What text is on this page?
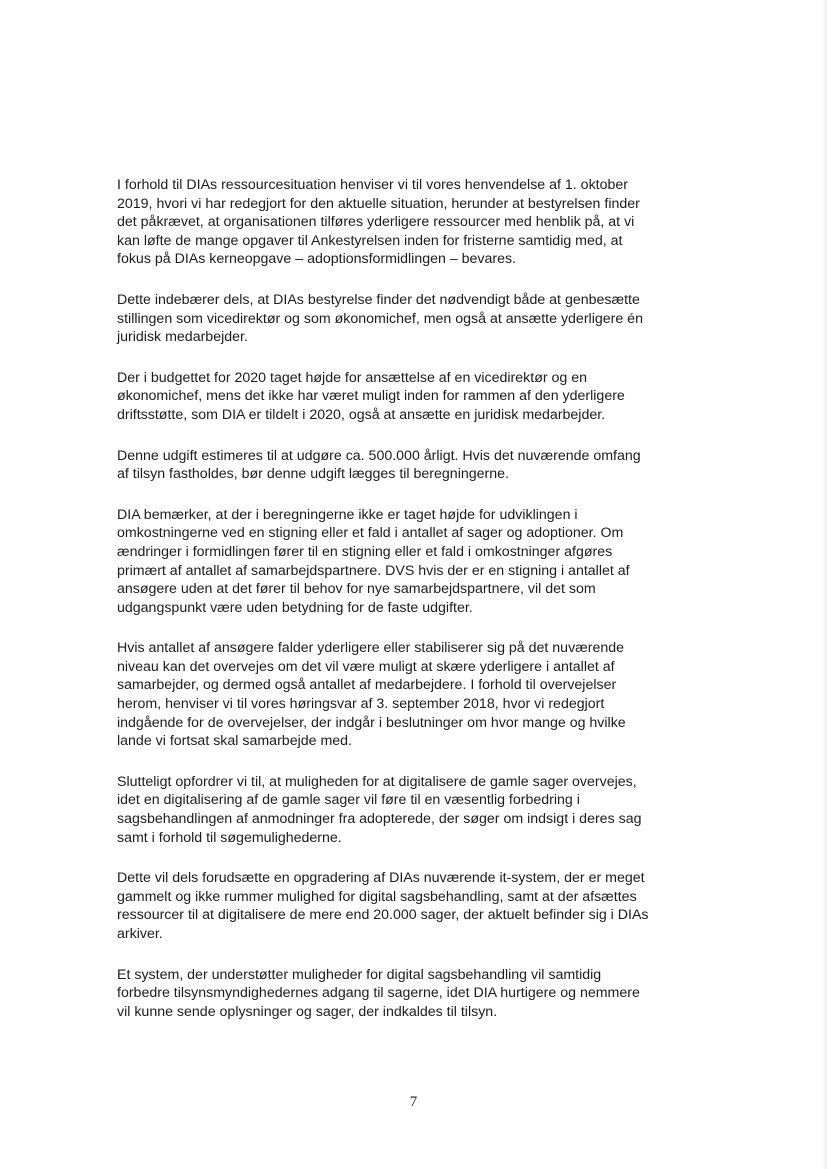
I forhold til DIAs ressourcesituation henviser vi til vores henvendelse af 1. oktober
2019, hvori vi har redegjort for den aktuelle situation, herunder at bestyrelsen finder
det påkrævet, at organisationen tilføres yderligere ressourcer med henblik på, at vi
kan løfte de mange opgaver til Ankestyrelsen inden for fristerne samtidig med, at
fokus på DIAs kerneopgave – adoptionsformidlingen – bevares.

Dette indebærer dels, at DIAs bestyrelse finder det nødvendigt både at genbesætte
stillingen som vicedirektør og som økonomichef, men også at ansætte yderligere én
juridisk medarbejder.

Der i budgettet for 2020 taget højde for ansættelse af en vicedirektør og en
økonomichef, mens det ikke har været muligt inden for rammen af den yderligere
driftsstøtte, som DIA er tildelt i 2020, også at ansætte en juridisk medarbejder.

Denne udgift estimeres til at udgøre ca. 500.000 årligt. Hvis det nuværende omfang
af tilsyn fastholdes, bør denne udgift lægges til beregningerne.

DIA bemærker, at der i beregningerne ikke er taget højde for udviklingen i
omkostningerne ved en stigning eller et fald i antallet af sager og adoptioner. Om
ændringer i formidlingen fører til en stigning eller et fald i omkostninger afgøres
primært af antallet af samarbejdspartnere. DVS hvis der er en stigning i antallet af
ansøgere uden at det fører til behov for nye samarbejdspartnere, vil det som
udgangspunkt være uden betydning for de faste udgifter.

Hvis antallet af ansøgere falder yderligere eller stabiliserer sig på det nuværende
niveau kan det overvejes om det vil være muligt at skære yderligere i antallet af
samarbejder, og dermed også antallet af medarbejdere. I forhold til overvejelser
herom, henviser vi til vores høringsvar af 3. september 2018, hvor vi redegjort
indgående for de overvejelser, der indgår i beslutninger om hvor mange og hvilke
lande vi fortsat skal samarbejde med.

Slutteligt opfordrer vi til, at muligheden for at digitalisere de gamle sager overvejes,
idet en digitalisering af de gamle sager vil føre til en væsentlig forbedring i
sagsbehandlingen af anmodninger fra adopterede, der søger om indsigt i deres sag
samt i forhold til søgemulighederne.

Dette vil dels forudsætte en opgradering af DIAs nuværende it-system, der er meget
gammelt og ikke rummer mulighed for digital sagsbehandling, samt at der afsættes
ressourcer til at digitalisere de mere end 20.000 sager, der aktuelt befinder sig i DIAs
arkiver.

Et system, der understøtter muligheder for digital sagsbehandling vil samtidig
forbedre tilsynsmyndighedernes adgang til sagerne, idet DIA hurtigere og nemmere
vil kunne sende oplysninger og sager, der indkaldes til tilsyn.

7
